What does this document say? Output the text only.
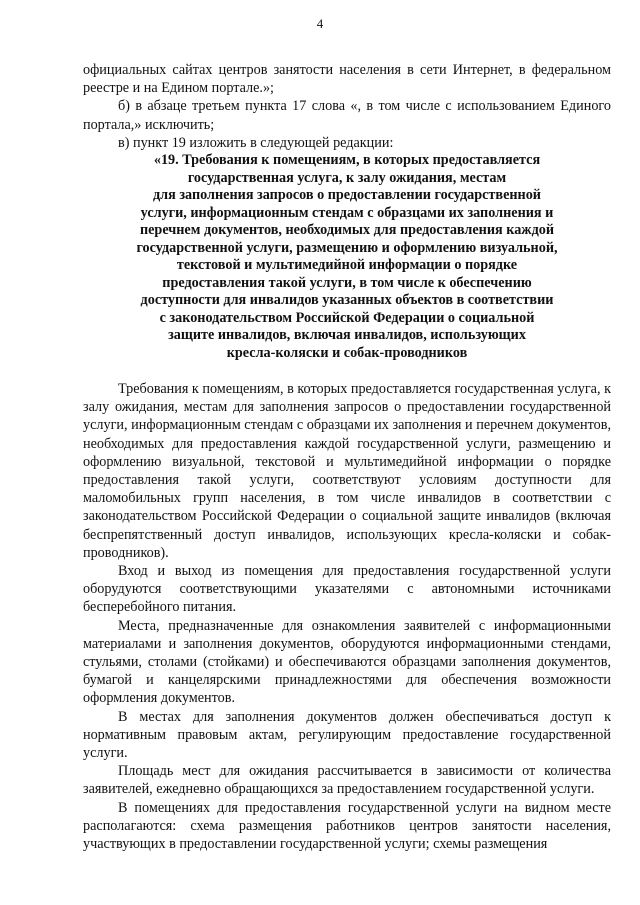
4

официальных сайтах центров занятости населения в сети Интернет, в федеральном реестре и на Едином портале.»;

б) в абзаце третьем пункта 17 слова «, в том числе с использованием Единого портала,» исключить;

в) пункт 19 изложить в следующей редакции:

«19. Требования к помещениям, в которых предоставляется
государственная услуга, к залу ожидания, местам
для заполнения запросов о предоставлении государственной
услуги, информационным стендам с образцами их заполнения и
перечнем документов, необходимых для предоставления каждой
государственной услуги, размещению и оформлению визуальной,
текстовой и мультимедийной информации о порядке
предоставления такой услуги, в том числе к обеспечению
доступности для инвалидов указанных объектов в соответствии
с законодательством Российской Федерации о социальной
защите инвалидов, включая инвалидов, использующих
кресла-коляски и собак-проводников

Требования к помещениям, в которых предоставляется государственная услуга, к залу ожидания, местам для заполнения запросов о предоставлении государственной услуги, информационным стендам с образцами их заполнения и перечнем документов, необходимых для предоставления каждой государственной услуги, размещению и оформлению визуальной, текстовой и мультимедийной информации о порядке предоставления такой услуги, соответствуют условиям доступности для маломобильных групп населения, в том числе инвалидов в соответствии с законодательством Российской Федерации о социальной защите инвалидов (включая беспрепятственный доступ инвалидов, использующих кресла-коляски и собак-проводников).

Вход и выход из помещения для предоставления государственной услуги оборудуются соответствующими указателями с автономными источниками бесперебойного питания.

Места, предназначенные для ознакомления заявителей с информационными материалами и заполнения документов, оборудуются информационными стендами, стульями, столами (стойками) и обеспечиваются образцами заполнения документов, бумагой и канцелярскими принадлежностями для обеспечения возможности оформления документов.

В местах для заполнения документов должен обеспечиваться доступ к нормативным правовым актам, регулирующим предоставление государственной услуги.

Площадь мест для ожидания рассчитывается в зависимости от количества заявителей, ежедневно обращающихся за предоставлением государственной услуги.

В помещениях для предоставления государственной услуги на видном месте располагаются: схема размещения работников центров занятости населения, участвующих в предоставлении государственной услуги; схемы размещения
